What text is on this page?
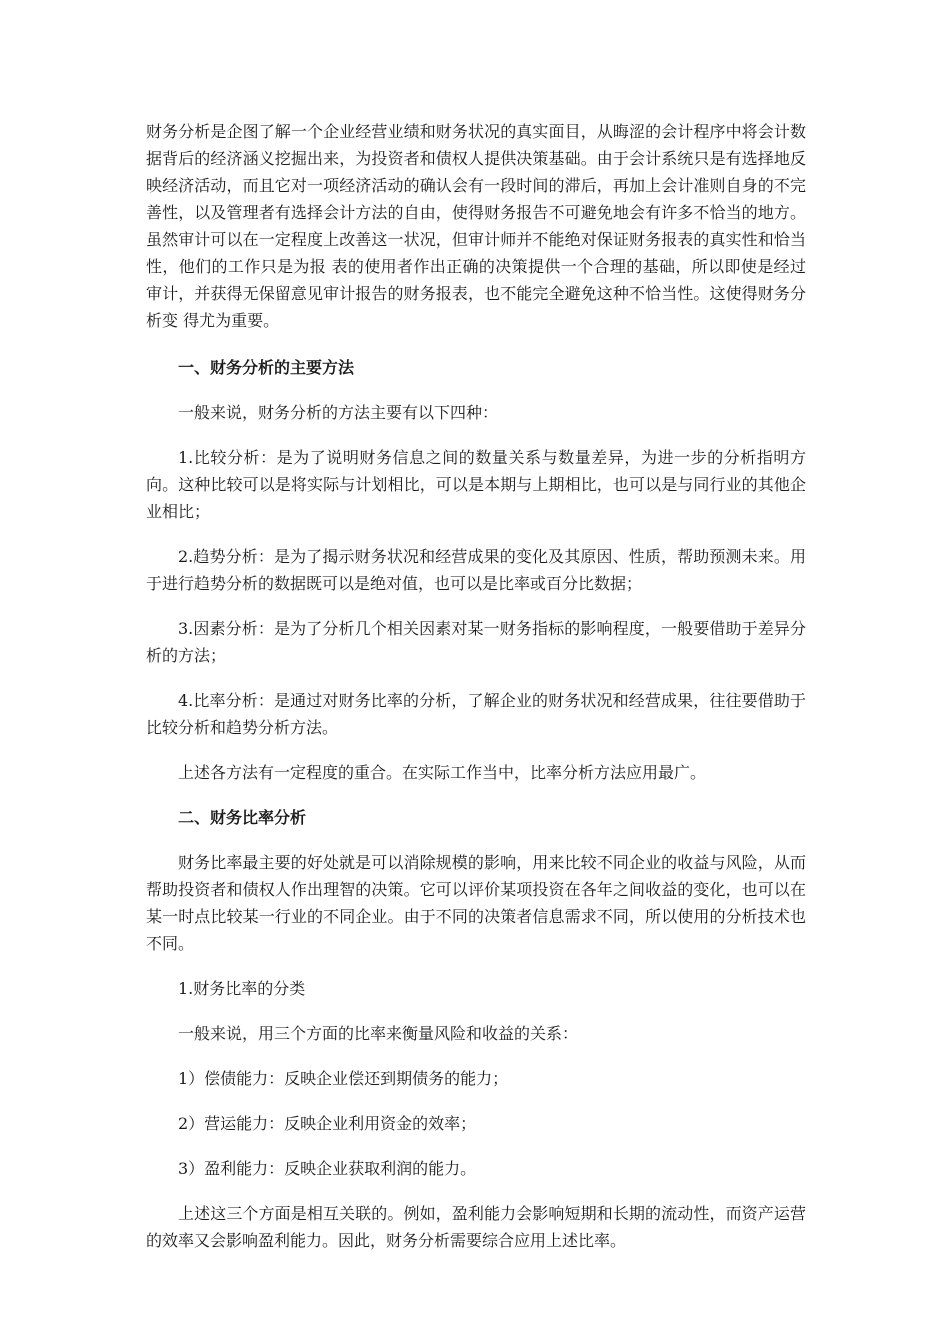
财务分析是企图了解一个企业经营业绩和财务状况的真实面目，从晦涩的会计程序中将会计数据背后的经济涵义挖掘出来，为投资者和债权人提供决策基础。由于会计系统只是有选择地反映经济活动，而且它对一项经济活动的确认会有一段时间的滞后，再加上会计准则自身的不完善性，以及管理者有选择会计方法的自由，使得财务报告不可避免地会有许多不恰当的地方。虽然审计可以在一定程度上改善这一状况，但审计师并不能绝对保证财务报表的真实性和恰当性，他们的工作只是为报 表的使用者作出正确的决策提供一个合理的基础，所以即使是经过审计，并获得无保留意见审计报告的财务报表，也不能完全避免这种不恰当性。这使得财务分析变 得尤为重要。

一、财务分析的主要方法

一般来说，财务分析的方法主要有以下四种：

1.比较分析：是为了说明财务信息之间的数量关系与数量差异，为进一步的分析指明方向。这种比较可以是将实际与计划相比，可以是本期与上期相比，也可以是与同行业的其他企业相比；

2.趋势分析：是为了揭示财务状况和经营成果的变化及其原因、性质，帮助预测未来。用于进行趋势分析的数据既可以是绝对值，也可以是比率或百分比数据；

3.因素分析：是为了分析几个相关因素对某一财务指标的影响程度，一般要借助于差异分析的方法；

4.比率分析：是通过对财务比率的分析，了解企业的财务状况和经营成果，往往要借助于比较分析和趋势分析方法。

上述各方法有一定程度的重合。在实际工作当中，比率分析方法应用最广。

二、财务比率分析

财务比率最主要的好处就是可以消除规模的影响，用来比较不同企业的收益与风险，从而帮助投资者和债权人作出理智的决策。它可以评价某项投资在各年之间收益的变化，也可以在某一时点比较某一行业的不同企业。由于不同的决策者信息需求不同，所以使用的分析技术也不同。

1.财务比率的分类

一般来说，用三个方面的比率来衡量风险和收益的关系：

1）偿债能力：反映企业偿还到期债务的能力；

2）营运能力：反映企业利用资金的效率；

3）盈利能力：反映企业获取利润的能力。

上述这三个方面是相互关联的。例如，盈利能力会影响短期和长期的流动性，而资产运营的效率又会影响盈利能力。因此，财务分析需要综合应用上述比率。
